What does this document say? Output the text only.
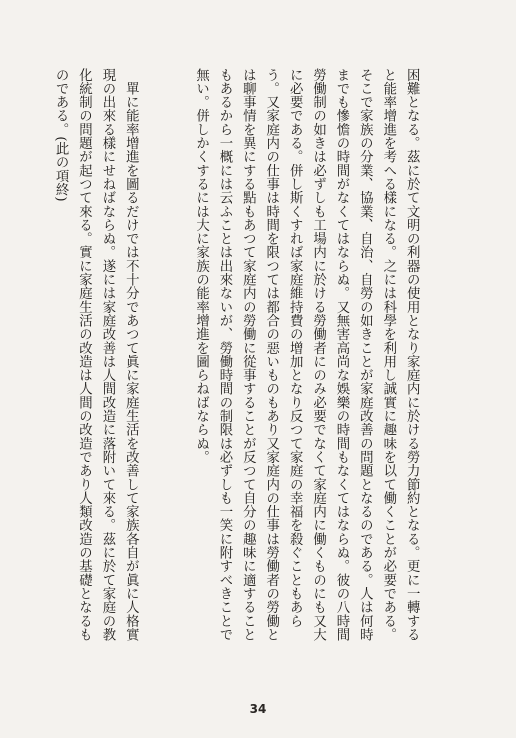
困難となる。茲に於て文明の利器の使用となり家庭内に於ける勞力節約となる。更に一轉すると能率增進を考へる樣になる。之には科學を利用し誠實に趣味を以て働くことが必要である。そこで家族の分業、協業、自治、自勞の如きことが家庭改善の問題となるのである。人は何時までも慘憺の時間がなくてはならぬ。又無害高尚な娛樂の時間もなくてはならぬ。彼の八時間勞働制の如きは必ずしも工場内に於ける勞働者にのみ必要でなくて家庭内に働くものにも又大に必要である。併し斯くすれば家庭維持費の增加となり反つて家庭の幸福を殺ぐこともあらう。又家庭内の仕事は時間を限つては都合の惡いものもあり又家庭内の仕事は勞働者の勞働とは聊事情を異にする點もあつて家庭内の勞働に從事することが反つて自分の趣味に適することもあるから一概には云ふことは出來ないが、勞働時間の制限は必ずしも一笑に附すべきことで無い。併しかくするには大に家族の能率增進を圖らねばならぬ。

　單に能率增進を圖るだけでは不十分であつて眞に家庭生活を改善して家族各自が眞に人格實現の出來る樣にせねばならぬ。遂には家庭改善は人間改造に落附いて來る。茲に於て家庭の教化統制の問題が起つて來る。實に家庭生活の改造は人間の改造であり人類改造の基礎となるものである。(此の項終)

34
